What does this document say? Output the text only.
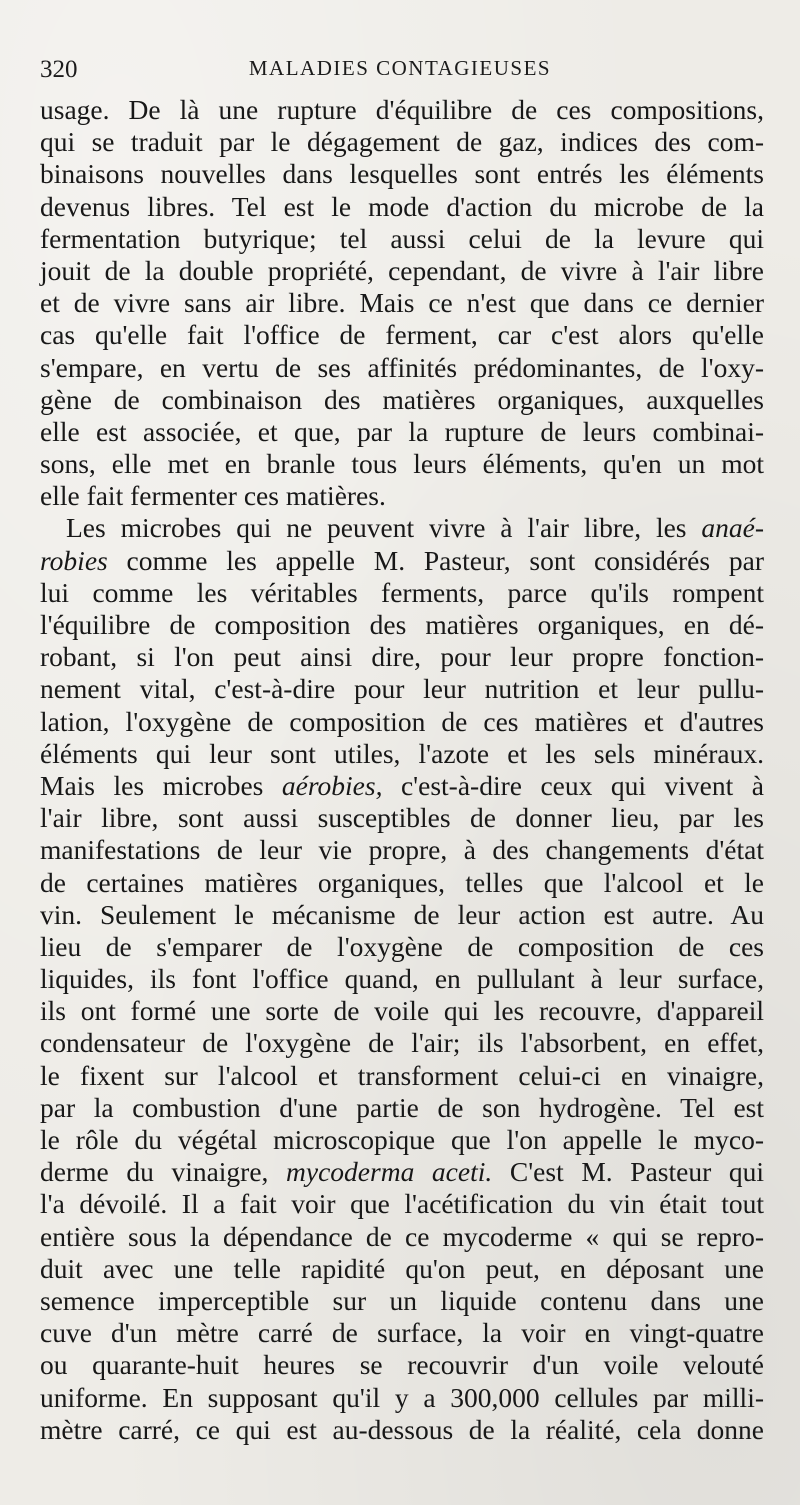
320	MALADIES CONTAGIEUSES
usage. De là une rupture d'équilibre de ces compositions,
qui se traduit par le dégagement de gaz, indices des com-
binaisons nouvelles dans lesquelles sont entrés les éléments
devenus libres. Tel est le mode d'action du microbe de la
fermentation butyrique; tel aussi celui de la levure qui
jouit de la double propriété, cependant, de vivre à l'air libre
et de vivre sans air libre. Mais ce n'est que dans ce dernier
cas qu'elle fait l'office de ferment, car c'est alors qu'elle
s'empare, en vertu de ses affinités prédominantes, de l'oxy-
gène de combinaison des matières organiques, auxquelles
elle est associée, et que, par la rupture de leurs combinai-
sons, elle met en branle tous leurs éléments, qu'en un mot
elle fait fermenter ces matières.
Les microbes qui ne peuvent vivre à l'air libre, les anaé-
robies comme les appelle M. Pasteur, sont considérés par
lui comme les véritables ferments, parce qu'ils rompent
l'équilibre de composition des matières organiques, en dé-
robant, si l'on peut ainsi dire, pour leur propre fonction-
nement vital, c'est-à-dire pour leur nutrition et leur pullu-
lation, l'oxygène de composition de ces matières et d'autres
éléments qui leur sont utiles, l'azote et les sels minéraux.
Mais les microbes aérobies, c'est-à-dire ceux qui vivent à
l'air libre, sont aussi susceptibles de donner lieu, par les
manifestations de leur vie propre, à des changements d'état
de certaines matières organiques, telles que l'alcool et le
vin. Seulement le mécanisme de leur action est autre. Au
lieu de s'emparer de l'oxygène de composition de ces
liquides, ils font l'office quand, en pullulant à leur surface,
ils ont formé une sorte de voile qui les recouvre, d'appareil
condensateur de l'oxygène de l'air; ils l'absorbent, en effet,
le fixent sur l'alcool et transforment celui-ci en vinaigre,
par la combustion d'une partie de son hydrogène. Tel est
le rôle du végétal microscopique que l'on appelle le myco-
derme du vinaigre, mycoderma aceti. C'est M. Pasteur qui
l'a dévoilé. Il a fait voir que l'acétification du vin était tout
entière sous la dépendance de ce mycoderme « qui se repro-
duit avec une telle rapidité qu'on peut, en déposant une
semence imperceptible sur un liquide contenu dans une
cuve d'un mètre carré de surface, la voir en vingt-quatre
ou quarante-huit heures se recouvrir d'un voile velouté
uniforme. En supposant qu'il y a 300,000 cellules par milli-
mètre carré, ce qui est au-dessous de la réalité, cela donne
